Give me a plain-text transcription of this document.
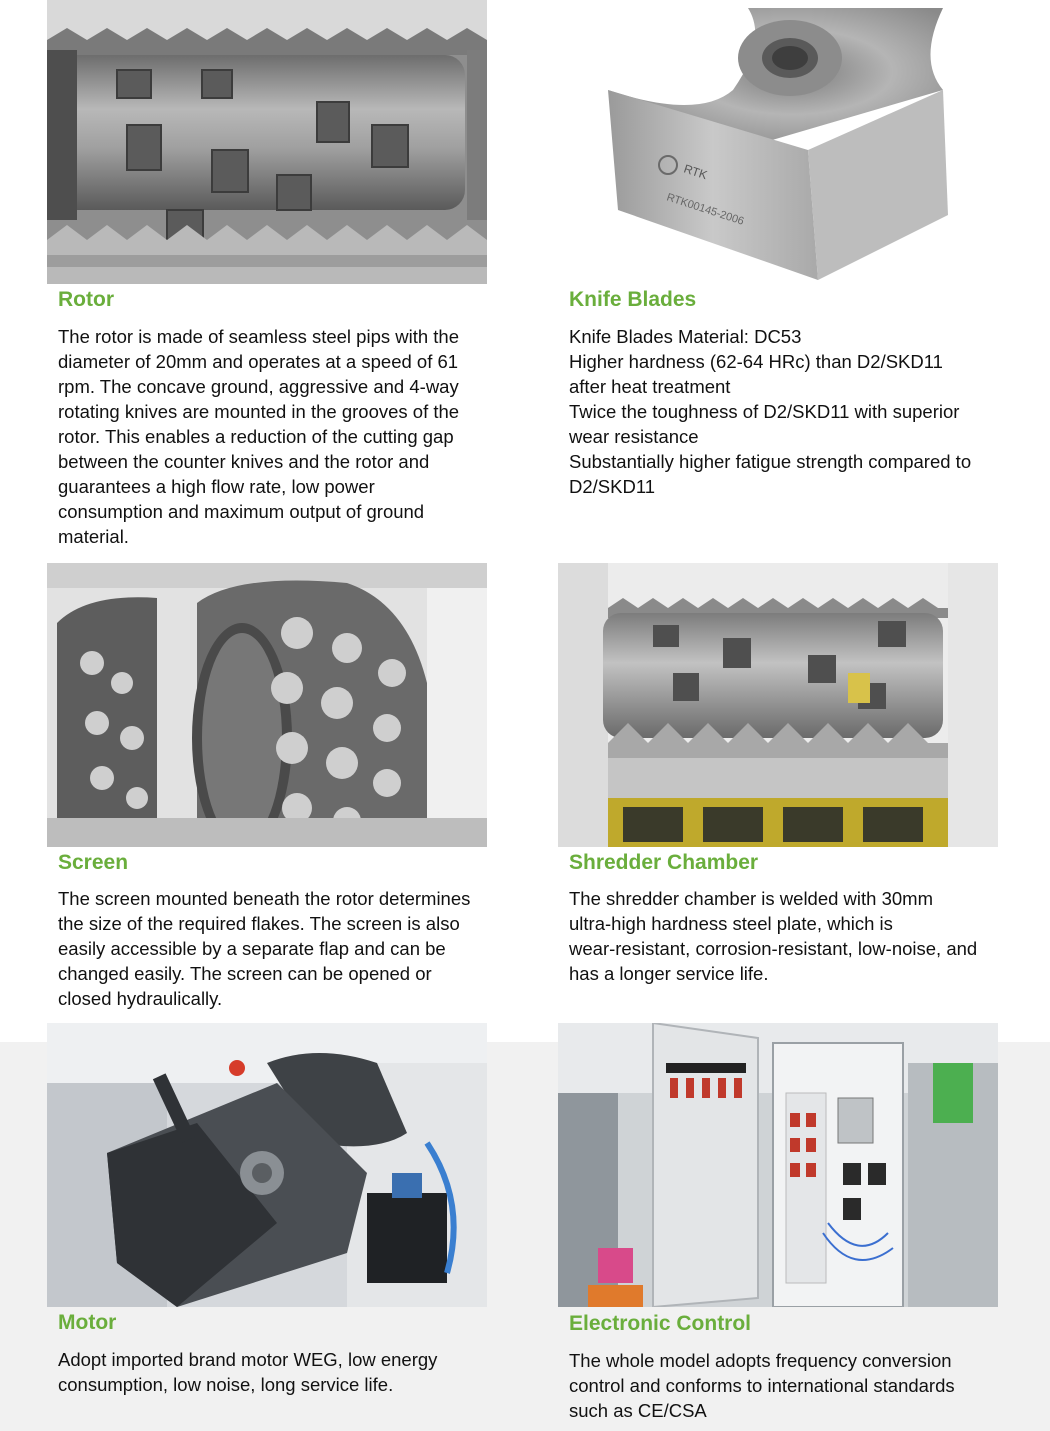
Rotor
The rotor is made of seamless steel pips with the
diameter of 20mm and operates at a speed of 61
rpm. The concave ground, aggressive and 4-way
rotating knives are mounted in the grooves of the
rotor. This enables a reduction of the cutting gap
between the counter knives and the rotor and
guarantees a high flow rate, low power
consumption and maximum output of ground
material.
RTK
RTK00145-2006
Knife Blades
Knife Blades Material: DC53
Higher hardness (62-64 HRc) than D2/SKD11
after heat treatment
Twice the toughness of D2/SKD11 with superior
wear resistance
Substantially higher fatigue strength compared to
D2/SKD11
Screen
The screen mounted beneath the rotor determines
the size of the required flakes. The screen is also
easily accessible by a separate flap and can be
changed easily. The screen can be opened or
closed hydraulically.
Shredder Chamber
The shredder chamber is welded with 30mm
ultra-high hardness steel plate, which is
wear-resistant, corrosion-resistant, low-noise, and
has a longer service life.
Motor
Adopt imported brand motor WEG, low energy
consumption, low noise, long service life.
Electronic Control
The whole model adopts frequency conversion
control and conforms to international standards
such as CE/CSA
